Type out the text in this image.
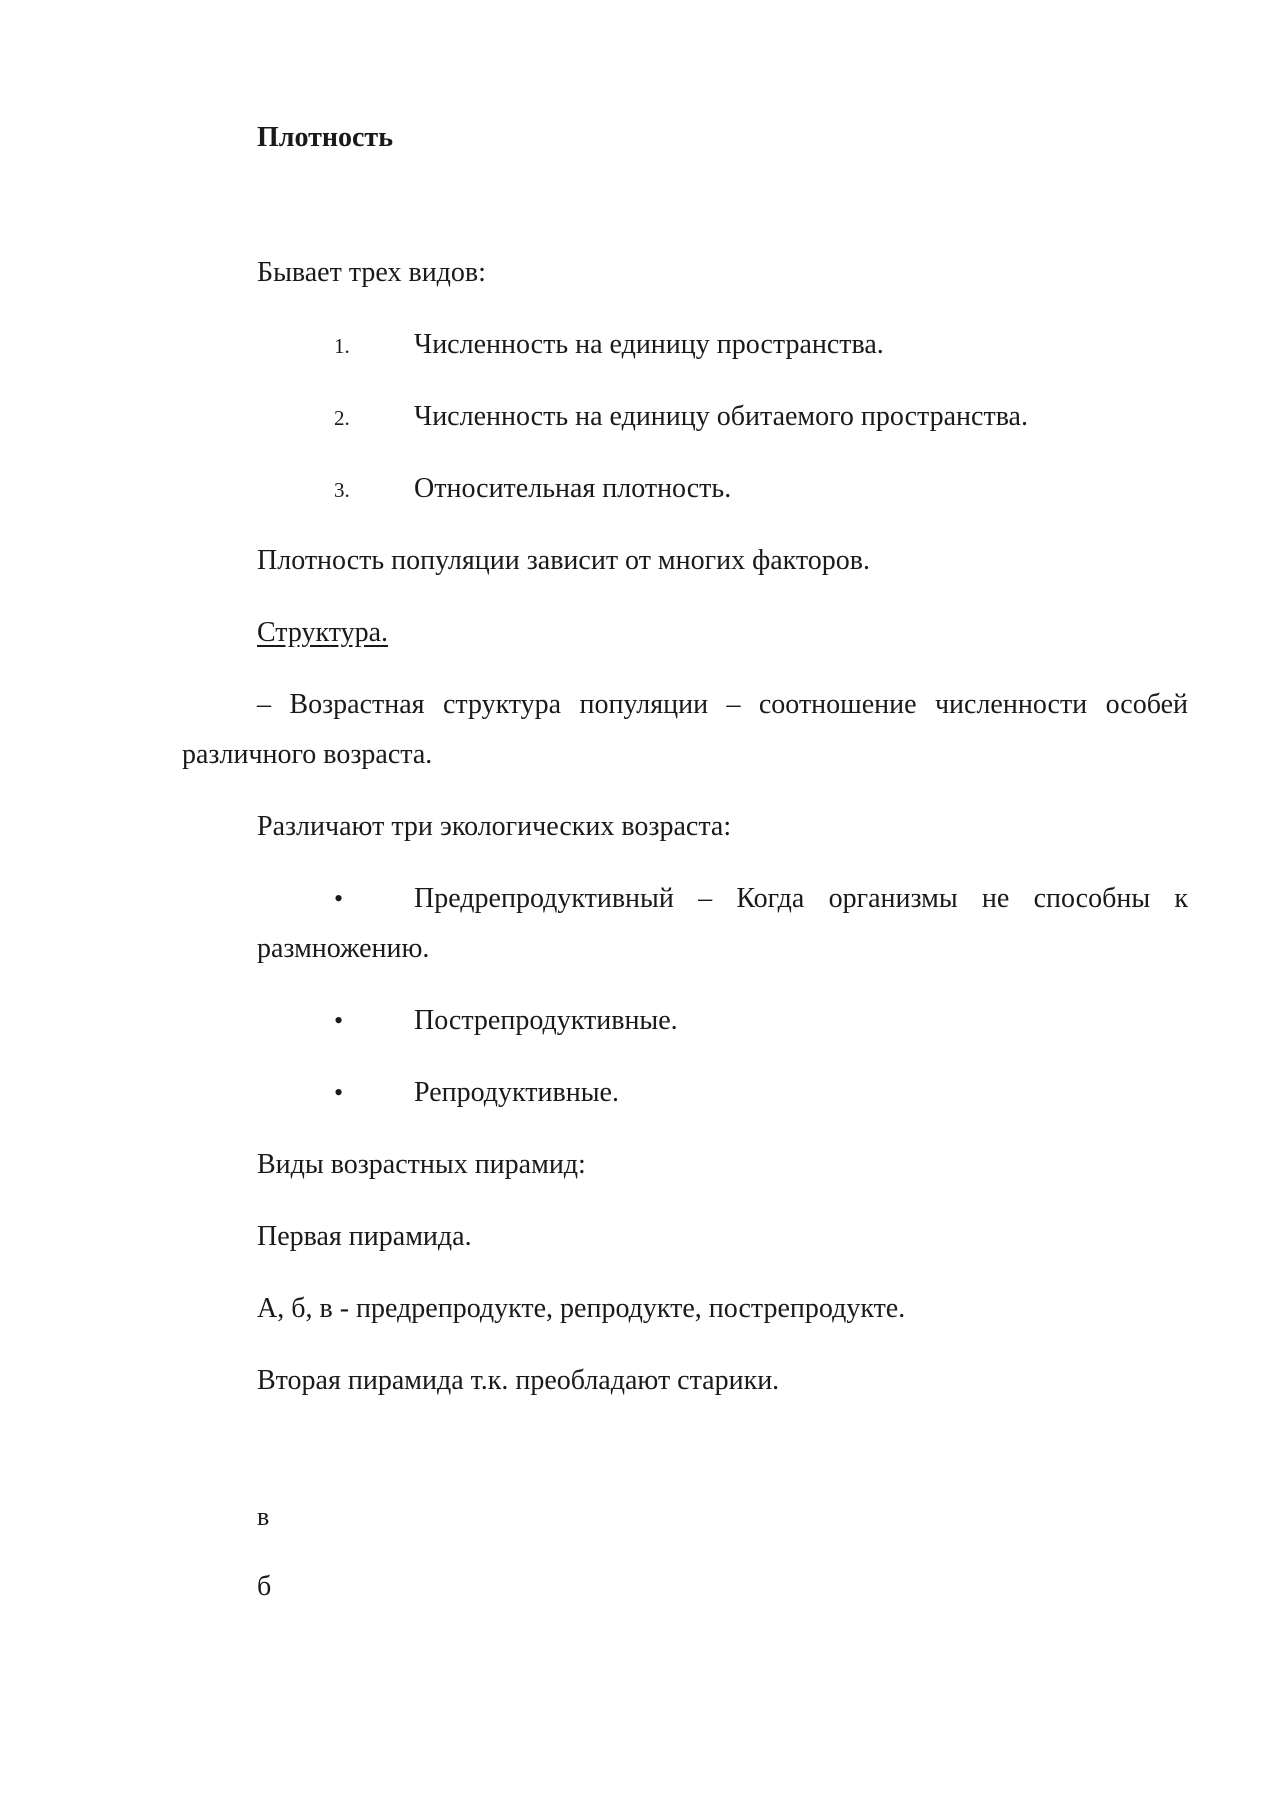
Плотность
Бывает трех видов:
1. Численность на единицу пространства.
2. Численность на единицу обитаемого пространства.
3. Относительная плотность.
Плотность популяции зависит от многих факторов.
Структура.
– Возрастная структура популяции – соотношение численности особей
различного возраста.
Различают три экологических возраста:
•	Предрепродуктивный – Когда организмы не способны к
размножению.
•	Пострепродуктивные.
•	Репродуктивные.
Виды возрастных пирамид:
Первая пирамида.
А, б, в - предрепродукте, репродукте, пострепродукте.
Вторая пирамида т.к. преобладают старики.
в
б
